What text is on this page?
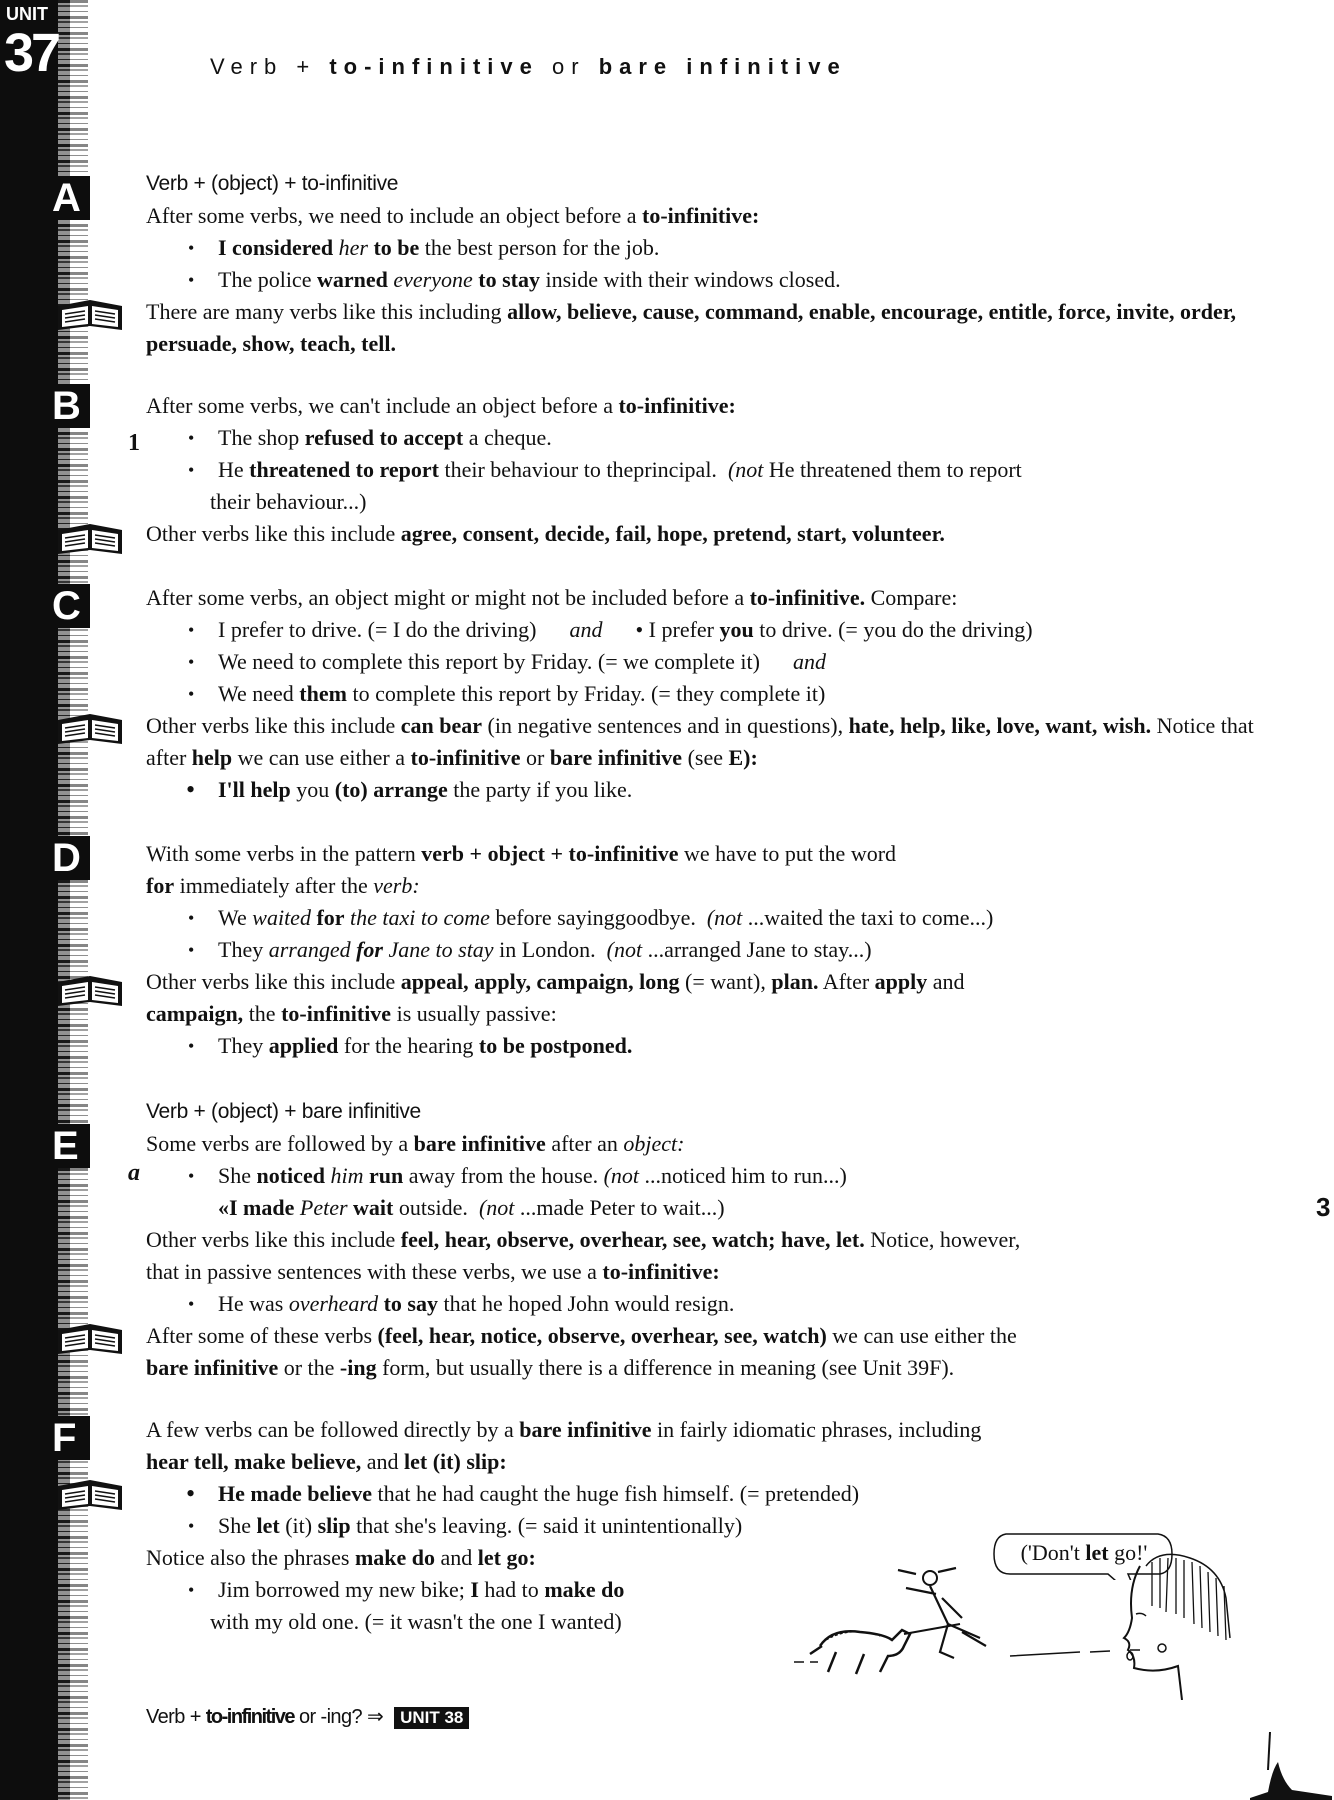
UNIT
37
A
B
C
D
E
F
1
a
Verb + to-infinitive or bare infinitive

Verb + (object) + to-infinitive

After some verbs, we need to include an object before a to-infinitive:

• I considered her to be the best person for the job.

• The police warned everyone to stay inside with their windows closed.

There are many verbs like this including allow, believe, cause, command, enable, encourage, entitle, force, invite, order, persuade, show, teach, tell.

After some verbs, we can't include an object before a to-infinitive:

• The shop refused to accept a cheque.

• He threatened to report their behaviour to theprincipal. (not He threatened them to report

their behaviour...)

Other verbs like this include agree, consent, decide, fail, hope, pretend, start, volunteer.

After some verbs, an object might or might not be included before a to-infinitive. Compare:

• I prefer to drive. (= I do the driving) and • I prefer you to drive. (= you do the driving)

• We need to complete this report by Friday. (= we complete it) and

• We need them to complete this report by Friday. (= they complete it)

Other verbs like this include can bear (in negative sentences and in questions), hate, help, like, love, want, wish. Notice that after help we can use either a to-infinitive or bare infinitive (see E):

• I'll help you (to) arrange the party if you like.

With some verbs in the pattern verb + object + to-infinitive we have to put the word
for immediately after the verb:

• We waited for the taxi to come before sayinggoodbye. (not ...waited the taxi to come...)

• They arranged for Jane to stay in London. (not ...arranged Jane to stay...)

Other verbs like this include appeal, apply, campaign, long (= want), plan. After apply and
campaign, the to-infinitive is usually passive:

• They applied for the hearing to be postponed.

Verb + (object) + bare infinitive

Some verbs are followed by a bare infinitive after an object:

• She noticed him run away from the house. (not ...noticed him to run...)

«I made Peter wait outside. (not ...made Peter to wait...)

Other verbs like this include feel, hear, observe, overhear, see, watch; have, let. Notice, however,
that in passive sentences with these verbs, we use a to-infinitive:

• He was overheard to say that he hoped John would resign.

After some of these verbs (feel, hear, notice, observe, overhear, see, watch) we can use either the
bare infinitive or the -ing form, but usually there is a difference in meaning (see Unit 39F).

A few verbs can be followed directly by a bare infinitive in fairly idiomatic phrases, including
hear tell, make believe, and let (it) slip:

• He made believe that he had caught the huge fish himself. (= pretended)

• She let (it) slip that she's leaving. (= said it unintentionally)

Notice also the phrases make do and let go:

• Jim borrowed my new bike; I had to make do

with my old one. (= it wasn't the one I wanted)

('Don't let go!'
Verb + to-infinitive or -ing? ⇒ UNIT 38
3
